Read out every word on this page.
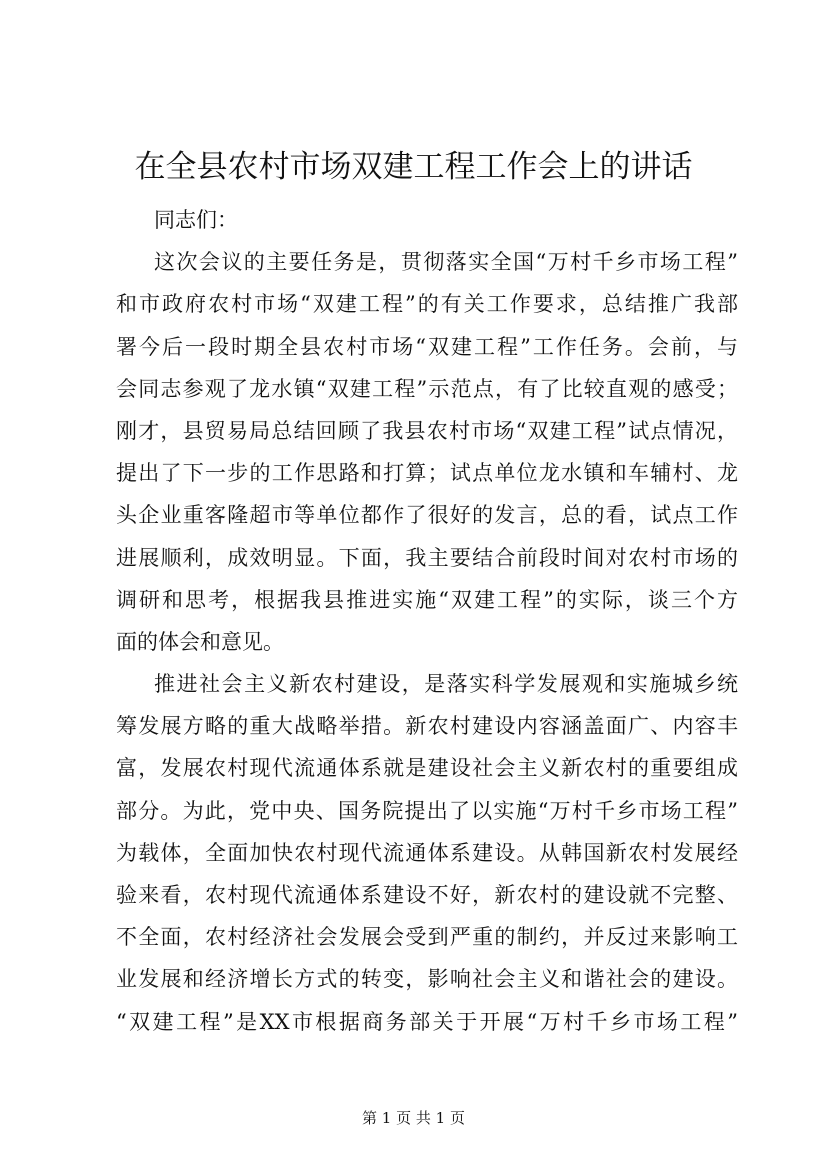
在全县农村市场双建工程工作会上的讲话
同志们：
这次会议的主要任务是，贯彻落实全国“万村千乡市场工程”
和市政府农村市场“双建工程”的有关工作要求，总结推广我部
署今后一段时期全县农村市场“双建工程”工作任务。会前，与
会同志参观了龙水镇“双建工程”示范点，有了比较直观的感受；
刚才，县贸易局总结回顾了我县农村市场“双建工程”试点情况，
提出了下一步的工作思路和打算；试点单位龙水镇和车辅村、龙
头企业重客隆超市等单位都作了很好的发言，总的看，试点工作
进展顺利，成效明显。下面，我主要结合前段时间对农村市场的
调研和思考，根据我县推进实施“双建工程”的实际，谈三个方
面的体会和意见。
推进社会主义新农村建设，是落实科学发展观和实施城乡统
筹发展方略的重大战略举措。新农村建设内容涵盖面广、内容丰
富，发展农村现代流通体系就是建设社会主义新农村的重要组成
部分。为此，党中央、国务院提出了以实施“万村千乡市场工程”
为载体，全面加快农村现代流通体系建设。从韩国新农村发展经
验来看，农村现代流通体系建设不好，新农村的建设就不完整、
不全面，农村经济社会发展会受到严重的制约，并反过来影响工
业发展和经济增长方式的转变，影响社会主义和谐社会的建设。
“双建工程”是XX市根据商务部关于开展“万村千乡市场工程”
第 1 页 共 1 页
